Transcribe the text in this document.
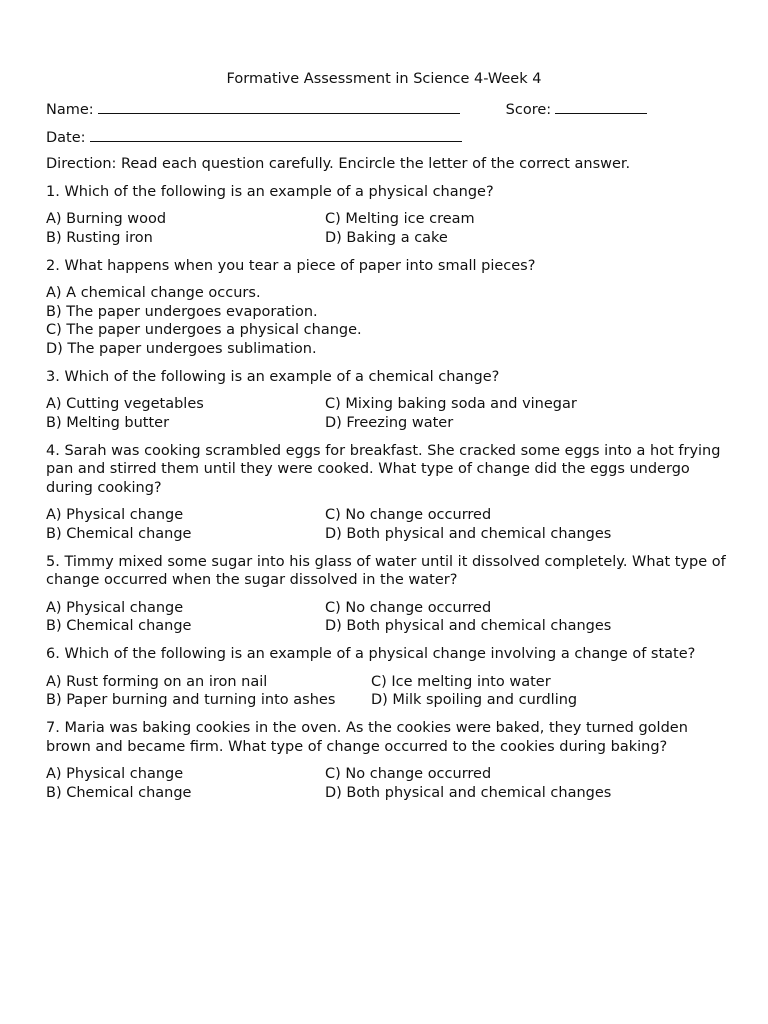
Formative Assessment in Science 4-Week 4
Name:	Score:
Date:
Direction: Read each question carefully. Encircle the letter of the correct answer.
1. Which of the following is an example of a physical change?
A) Burning wood	C) Melting ice cream
B) Rusting iron	D) Baking a cake
2. What happens when you tear a piece of paper into small pieces?
A) A chemical change occurs.
B) The paper undergoes evaporation.
C) The paper undergoes a physical change.
D) The paper undergoes sublimation.
3. Which of the following is an example of a chemical change?
A) Cutting vegetables	C) Mixing baking soda and vinegar
B) Melting butter	D) Freezing water
4. Sarah was cooking scrambled eggs for breakfast. She cracked some eggs into a hot frying pan and stirred them until they were cooked. What type of change did the eggs undergo during cooking?
A) Physical change	C) No change occurred
B) Chemical change	D) Both physical and chemical changes
5. Timmy mixed some sugar into his glass of water until it dissolved completely. What type of change occurred when the sugar dissolved in the water?
A) Physical change	C) No change occurred
B) Chemical change	D) Both physical and chemical changes
6. Which of the following is an example of a physical change involving a change of state?
A) Rust forming on an iron nail	C) Ice melting into water
B) Paper burning and turning into ashes	D) Milk spoiling and curdling
7. Maria was baking cookies in the oven. As the cookies were baked, they turned golden brown and became firm. What type of change occurred to the cookies during baking?
A) Physical change	C) No change occurred
B) Chemical change	D) Both physical and chemical changes
